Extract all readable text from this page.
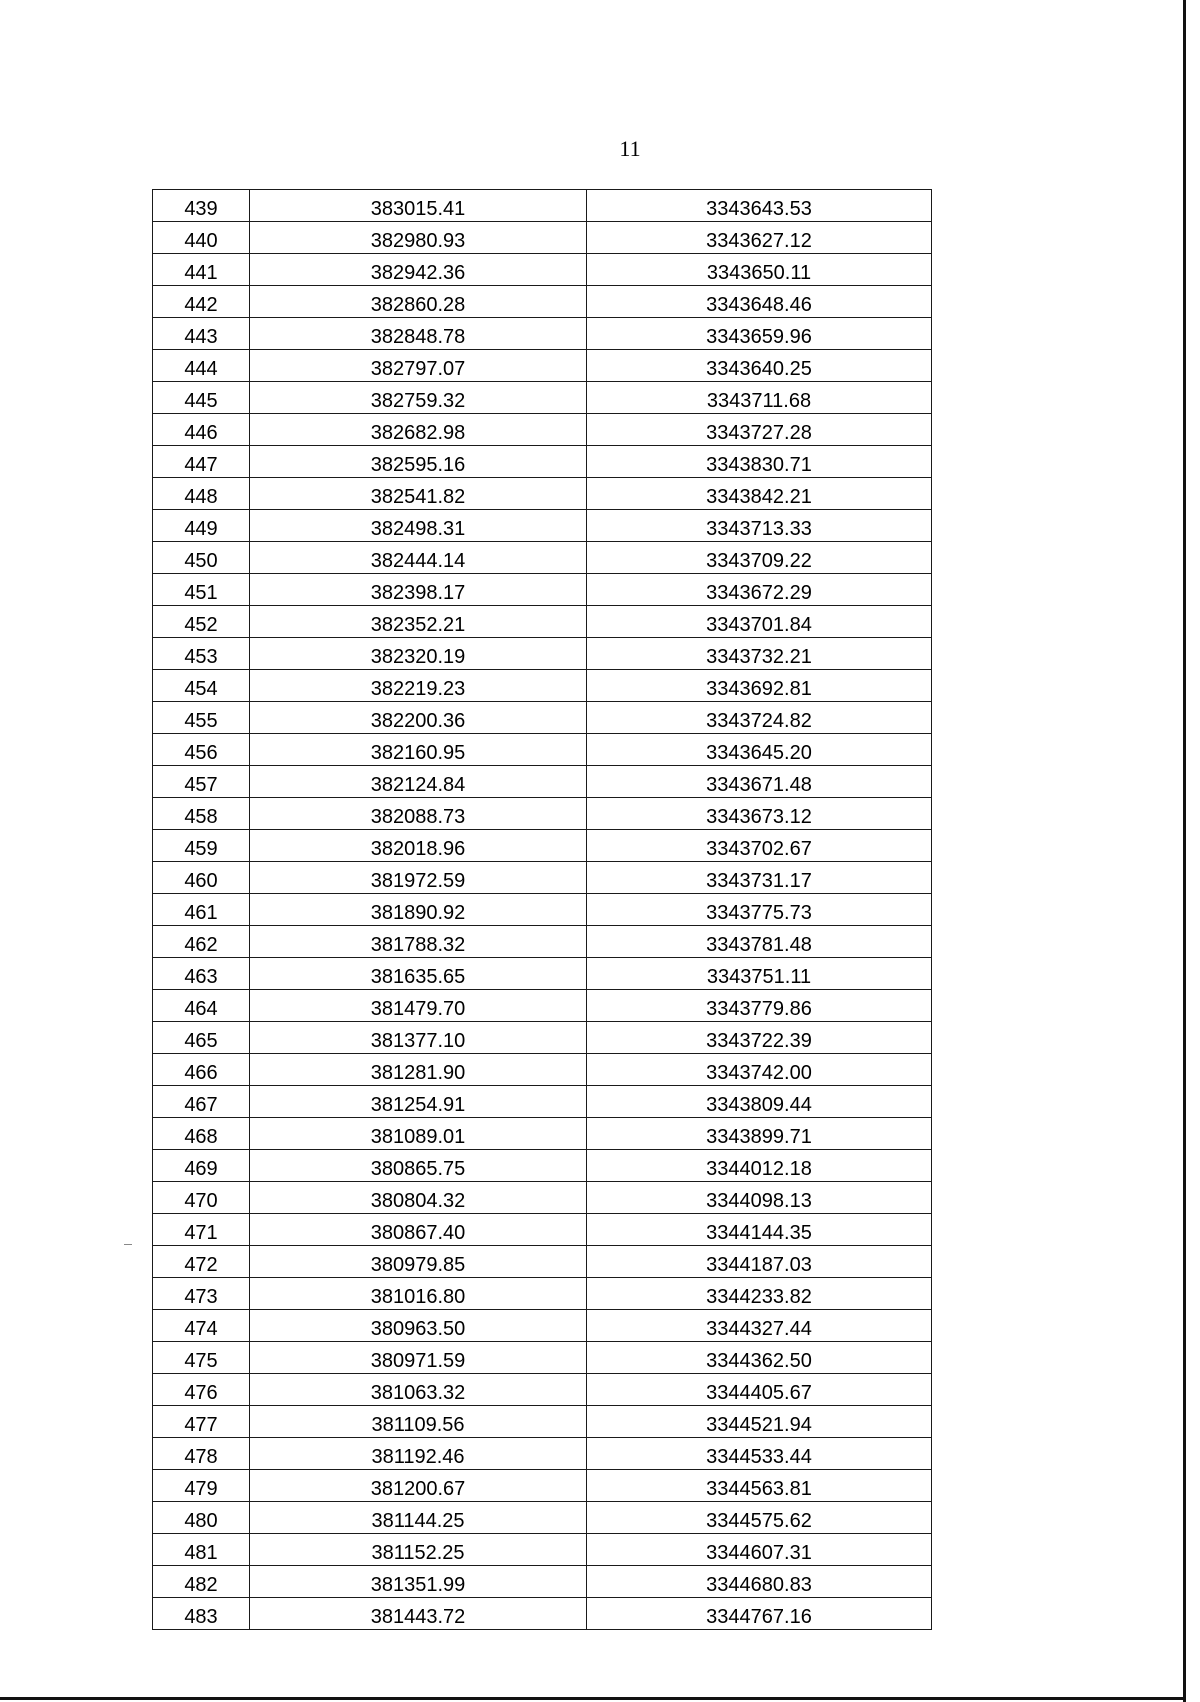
11
439	383015.41	3343643.53
440	382980.93	3343627.12
441	382942.36	3343650.11
442	382860.28	3343648.46
443	382848.78	3343659.96
444	382797.07	3343640.25
445	382759.32	3343711.68
446	382682.98	3343727.28
447	382595.16	3343830.71
448	382541.82	3343842.21
449	382498.31	3343713.33
450	382444.14	3343709.22
451	382398.17	3343672.29
452	382352.21	3343701.84
453	382320.19	3343732.21
454	382219.23	3343692.81
455	382200.36	3343724.82
456	382160.95	3343645.20
457	382124.84	3343671.48
458	382088.73	3343673.12
459	382018.96	3343702.67
460	381972.59	3343731.17
461	381890.92	3343775.73
462	381788.32	3343781.48
463	381635.65	3343751.11
464	381479.70	3343779.86
465	381377.10	3343722.39
466	381281.90	3343742.00
467	381254.91	3343809.44
468	381089.01	3343899.71
469	380865.75	3344012.18
470	380804.32	3344098.13
471	380867.40	3344144.35
472	380979.85	3344187.03
473	381016.80	3344233.82
474	380963.50	3344327.44
475	380971.59	3344362.50
476	381063.32	3344405.67
477	381109.56	3344521.94
478	381192.46	3344533.44
479	381200.67	3344563.81
480	381144.25	3344575.62
481	381152.25	3344607.31
482	381351.99	3344680.83
483	381443.72	3344767.16
